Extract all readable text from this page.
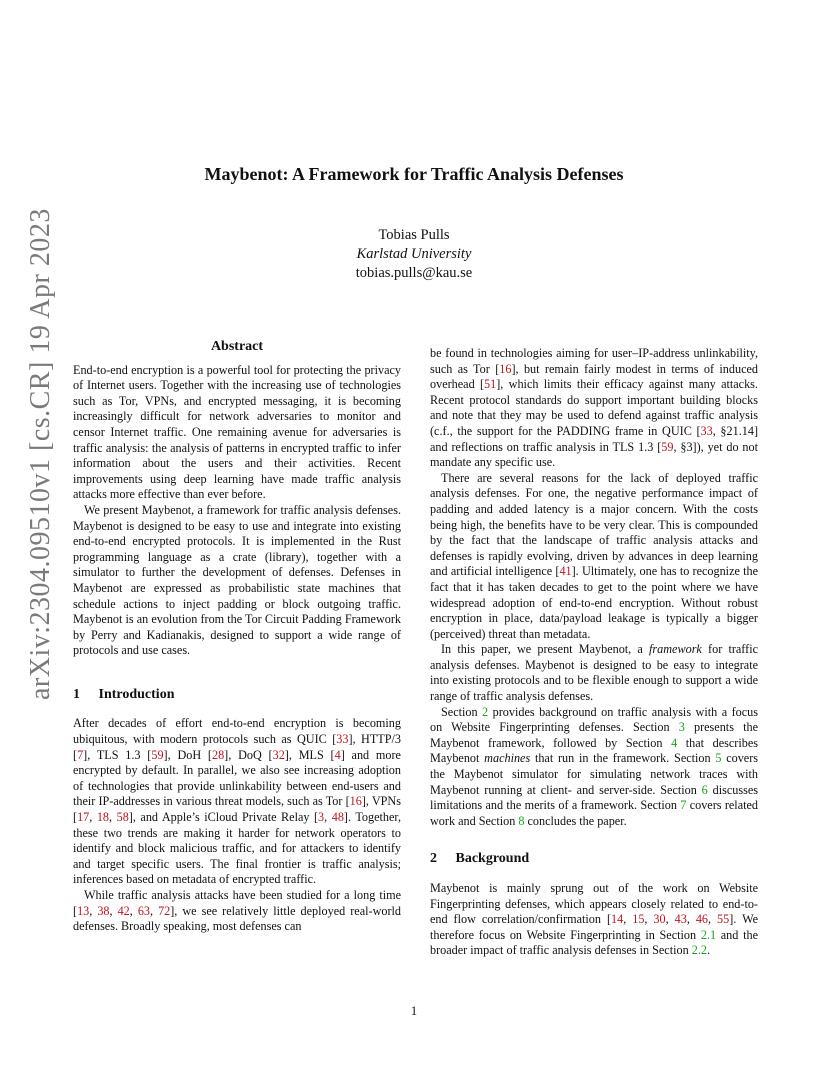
arXiv:2304.09510v1 [cs.CR] 19 Apr 2023
Maybenot: A Framework for Traffic Analysis Defenses
Tobias Pulls
Karlstad University
tobias.pulls@kau.se
Abstract

End-to-end encryption is a powerful tool for protecting the privacy of Internet users. Together with the increasing use of technologies such as Tor, VPNs, and encrypted messaging, it is becoming increasingly difficult for network adversaries to monitor and censor Internet traffic. One remaining avenue for adversaries is traffic analysis: the analysis of patterns in encrypted traffic to infer information about the users and their activities. Recent improvements using deep learning have made traffic analysis attacks more effective than ever before.

We present Maybenot, a framework for traffic analysis defenses. Maybenot is designed to be easy to use and integrate into existing end-to-end encrypted protocols. It is implemented in the Rust programming language as a crate (library), together with a simulator to further the development of defenses. Defenses in Maybenot are expressed as probabilistic state machines that schedule actions to inject padding or block outgoing traffic. Maybenot is an evolution from the Tor Circuit Padding Framework by Perry and Kadianakis, designed to support a wide range of protocols and use cases.

1 Introduction

After decades of effort end-to-end encryption is becoming ubiquitous, with modern protocols such as QUIC [33], HTTP/3 [7], TLS 1.3 [59], DoH [28], DoQ [32], MLS [4] and more encrypted by default. In parallel, we also see increasing adoption of technologies that provide unlinkability between end-users and their IP-addresses in various threat models, such as Tor [16], VPNs [17, 18, 58], and Apple’s iCloud Private Relay [3, 48]. Together, these two trends are making it harder for network operators to identify and block malicious traffic, and for attackers to identify and target specific users. The final frontier is traffic analysis; inferences based on metadata of encrypted traffic.

While traffic analysis attacks have been studied for a long time [13, 38, 42, 63, 72], we see relatively little deployed real-world defenses. Broadly speaking, most defenses can

be found in technologies aiming for user–IP-address unlinkability, such as Tor [16], but remain fairly modest in terms of induced overhead [51], which limits their efficacy against many attacks. Recent protocol standards do support important building blocks and note that they may be used to defend against traffic analysis (c.f., the support for the PADDING frame in QUIC [33, §21.14] and reflections on traffic analysis in TLS 1.3 [59, §3]), yet do not mandate any specific use.

There are several reasons for the lack of deployed traffic analysis defenses. For one, the negative performance impact of padding and added latency is a major concern. With the costs being high, the benefits have to be very clear. This is compounded by the fact that the landscape of traffic analysis attacks and defenses is rapidly evolving, driven by advances in deep learning and artificial intelligence [41]. Ultimately, one has to recognize the fact that it has taken decades to get to the point where we have widespread adoption of end-to-end encryption. Without robust encryption in place, data/payload leakage is typically a bigger (perceived) threat than metadata.

In this paper, we present Maybenot, a framework for traffic analysis defenses. Maybenot is designed to be easy to integrate into existing protocols and to be flexible enough to support a wide range of traffic analysis defenses.

Section 2 provides background on traffic analysis with a focus on Website Fingerprinting defenses. Section 3 presents the Maybenot framework, followed by Section 4 that describes Maybenot machines that run in the framework. Section 5 covers the Maybenot simulator for simulating network traces with Maybenot running at client- and server-side. Section 6 discusses limitations and the merits of a framework. Section 7 covers related work and Section 8 concludes the paper.

2 Background

Maybenot is mainly sprung out of the work on Website Fingerprinting defenses, which appears closely related to end-to-end flow correlation/confirmation [14, 15, 30, 43, 46, 55]. We therefore focus on Website Fingerprinting in Section 2.1 and the broader impact of traffic analysis defenses in Section 2.2.

1
